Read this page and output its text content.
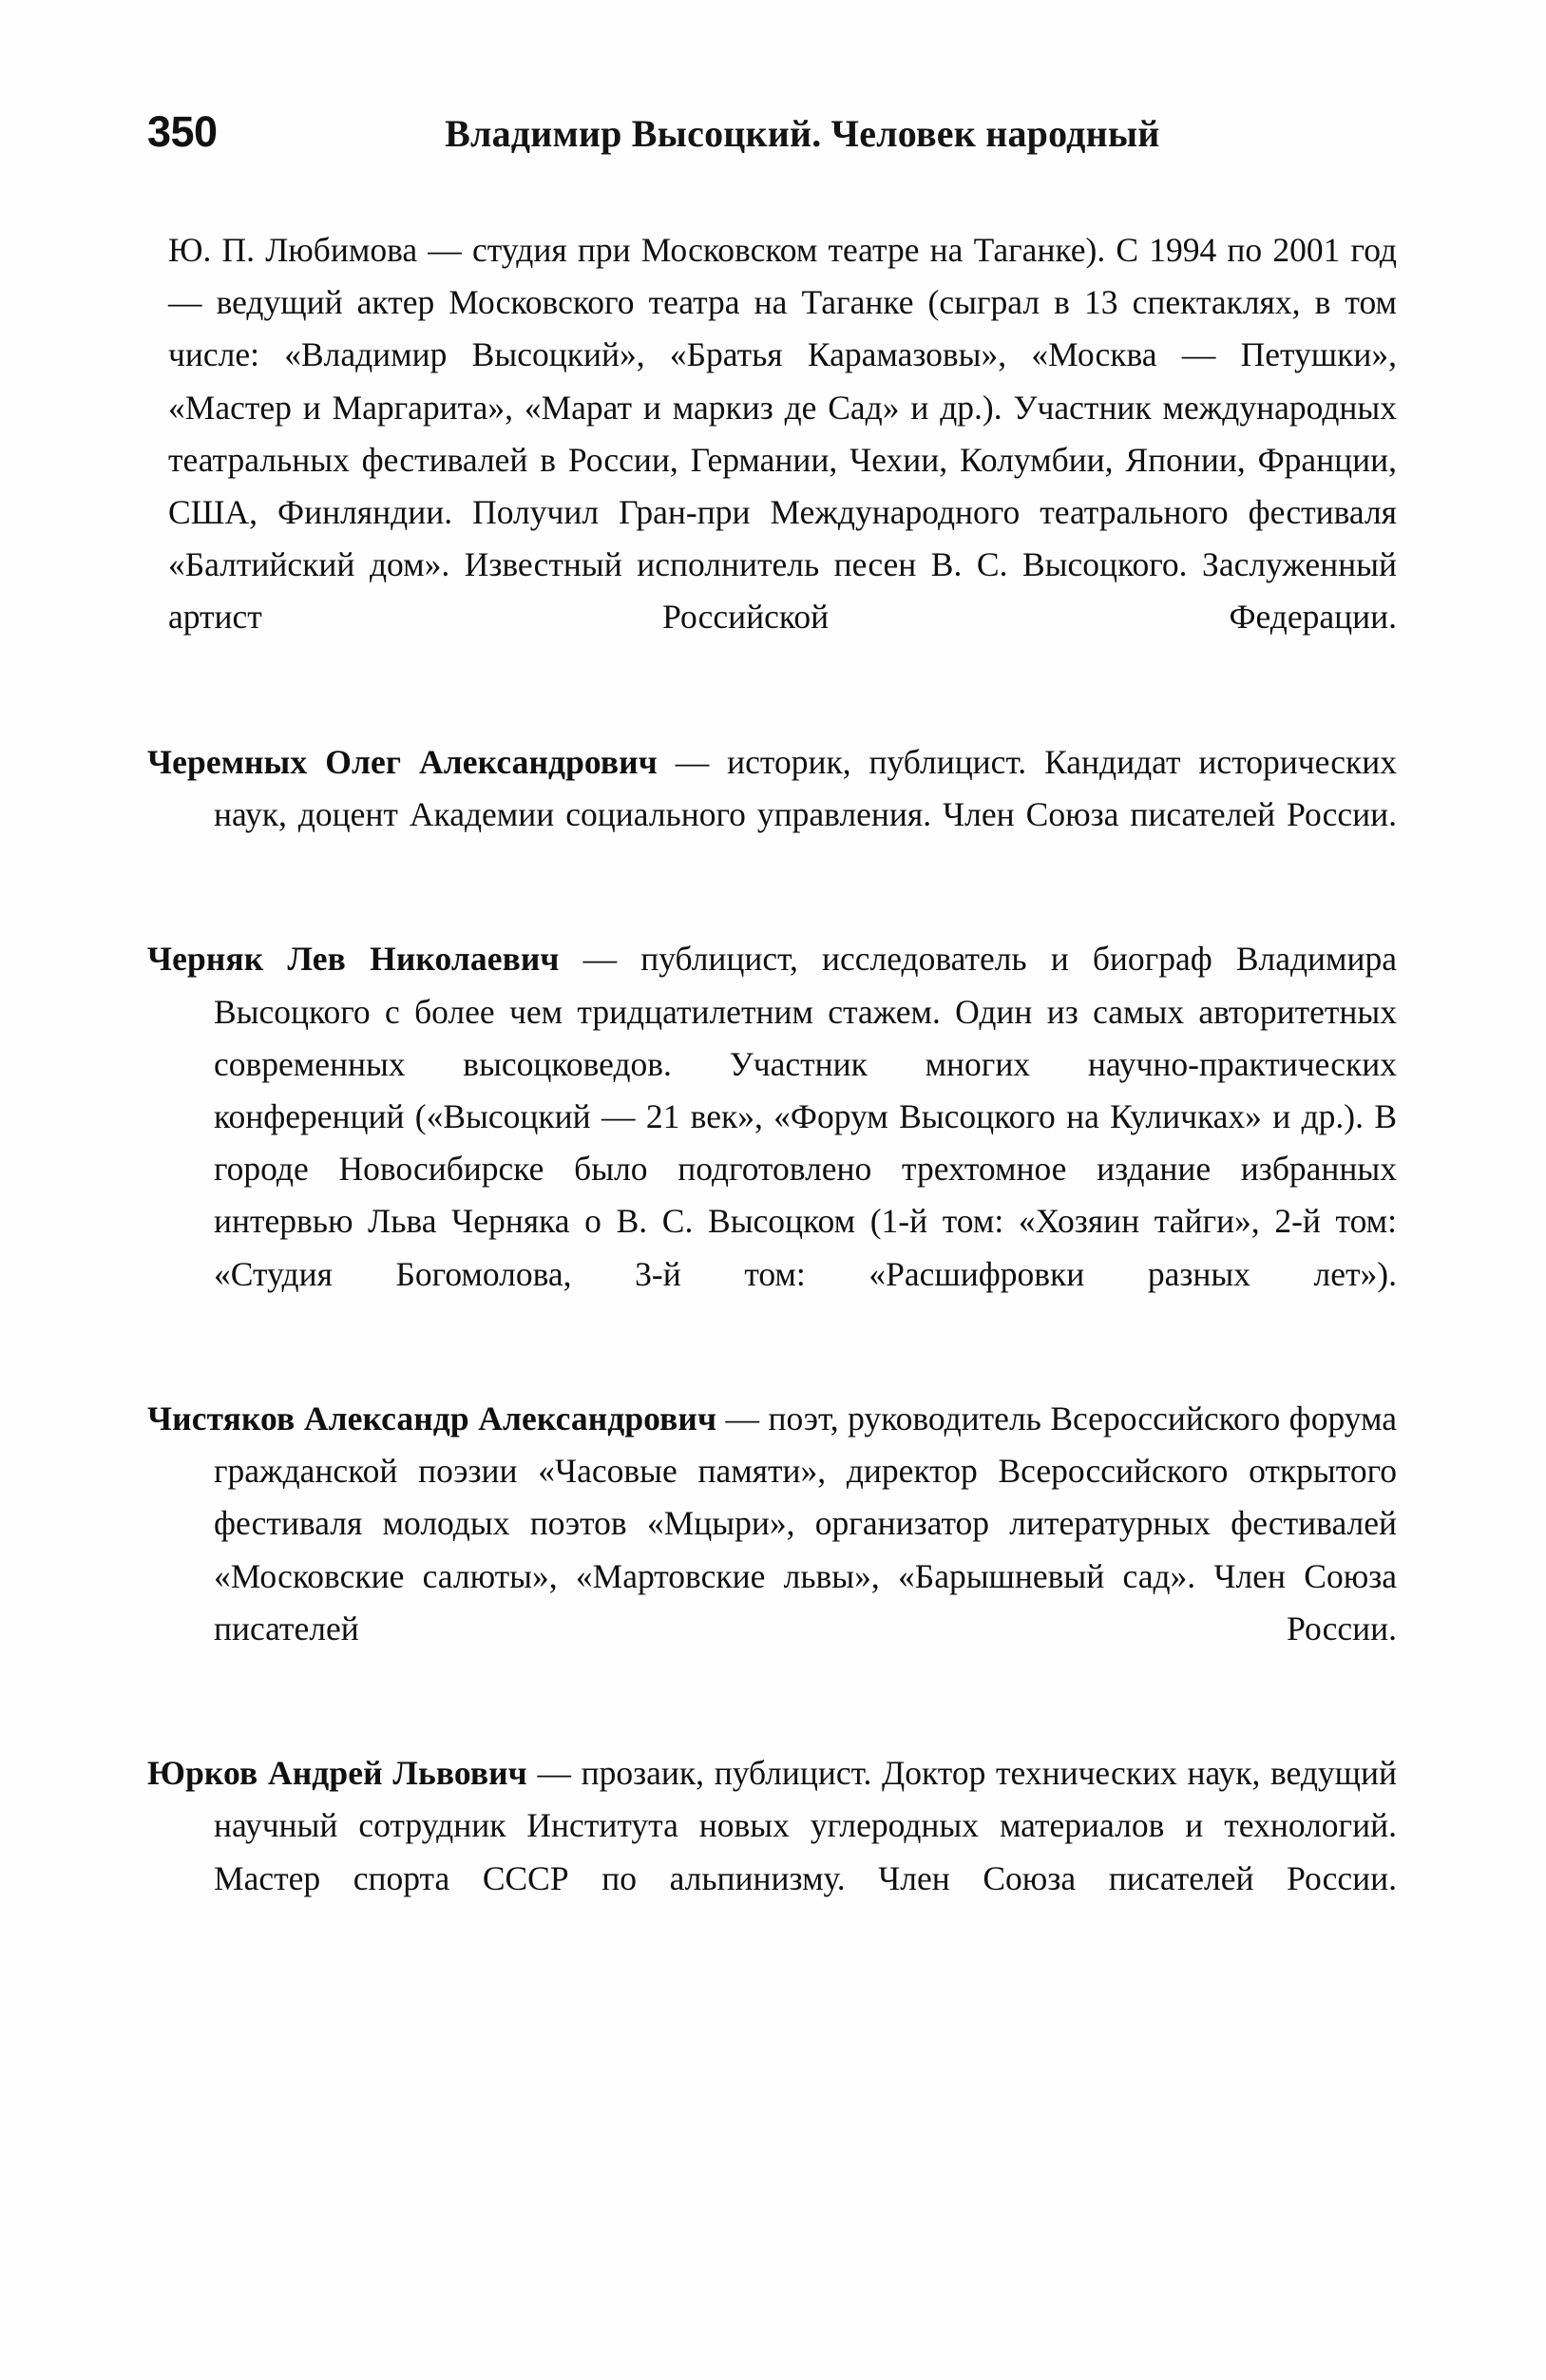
350	Владимир Высоцкий. Человек народный

Ю. П. Любимова — студия при Московском театре на Таганке). С 1994 по 2001 год — ведущий актер Московского театра на Таганке (сыграл в 13 спектаклях, в том числе: «Владимир Высоцкий», «Братья Карамазовы», «Москва — Петушки», «Мастер и Маргарита», «Марат и маркиз де Сад» и др.). Участник международных театральных фестивалей в России, Германии, Чехии, Колумбии, Японии, Франции, США, Финляндии. Получил Гран-при Международного театрального фестиваля «Балтийский дом». Известный исполнитель песен В. С. Высоцкого. Заслуженный артист Российской Федерации.

Черемных Олег Александрович — историк, публицист. Кандидат исторических наук, доцент Академии социального управления. Член Союза писателей России.

Черняк Лев Николаевич — публицист, исследователь и биограф Владимира Высоцкого с более чем тридцатилетним стажем. Один из самых авторитетных современных высоцковедов. Участник многих научно-практических конференций («Высоцкий — 21 век», «Форум Высоцкого на Куличках» и др.). В городе Новосибирске было подготовлено трехтомное издание избранных интервью Льва Черняка о В. С. Высоцком (1-й том: «Хозяин тайги», 2-й том: «Студия Богомолова, 3-й том: «Расшифровки разных лет»).

Чистяков Александр Александрович — поэт, руководитель Всероссийского форума гражданской поэзии «Часовые памяти», директор Всероссийского открытого фестиваля молодых поэтов «Мцыри», организатор литературных фестивалей «Московские салюты», «Мартовские львы», «Барышневый сад». Член Союза писателей России.

Юрков Андрей Львович — прозаик, публицист. Доктор технических наук, ведущий научный сотрудник Института новых углеродных материалов и технологий. Мастер спорта СССР по альпинизму. Член Союза писателей России.
